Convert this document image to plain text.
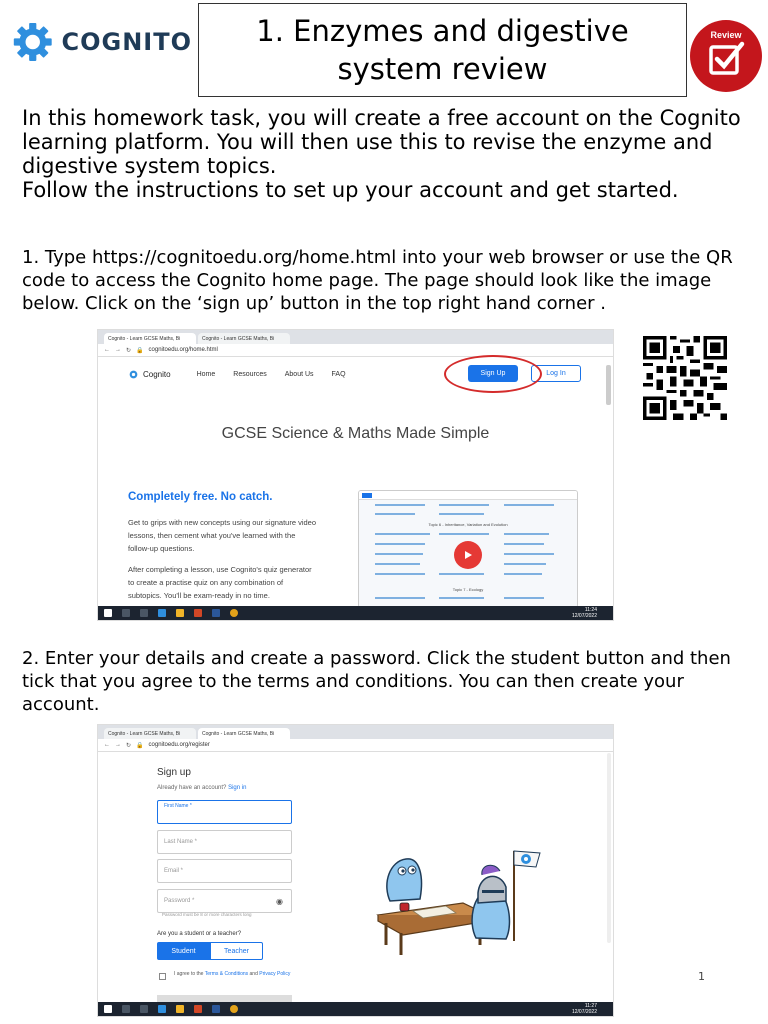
COGNITO	1. Enzymes and digestive system review
Review
In this homework task, you will create a free account on the Cognito learning platform. You will then use this to revise the enzyme and digestive system topics.
Follow the instructions to set up your account and get started.
1. Type https://cognitoedu.org/home.html into your web browser or use the QR code to access the Cognito home page. The page should look like the image below. Click on the ‘sign up’ button in the top right hand corner .
Cognito - Learn GCSE Maths, Bi	Cognito - Learn GCSE Maths, Bi
← → ↻ 🔒 cognitoedu.org/home.html
Cognito	Home	Resources	About Us	FAQ	Sign Up	Log In
GCSE Science & Maths Made Simple
Completely free. No catch.
Get to grips with new concepts using our signature video lessons, then cement what you've learned with the follow-up questions.
After completing a lesson, use Cognito's quiz generator to create a practise quiz on any combination of subtopics. You'll be exam-ready in no time.
Topic 6 - Inheritance, Variation and Evolution
Topic 7 - Ecology
11:24
12/07/2022
2. Enter your details and create a password. Click the student button and then tick that you agree to the terms and conditions. You can then create your account.
Cognito - Learn GCSE Maths, Bi	Cognito - Learn GCSE Maths, Bi
← → ↻ 🔒 cognitoedu.org/register
Sign up
Already have an account? Sign in
First Name *
Last Name *
Email *
Password *	◉
Password must be 8 or more characters long
Are you a student or a teacher?
Student	Teacher
I agree to the Terms & Conditions and Privacy Policy
11:27
12/07/2022
1
